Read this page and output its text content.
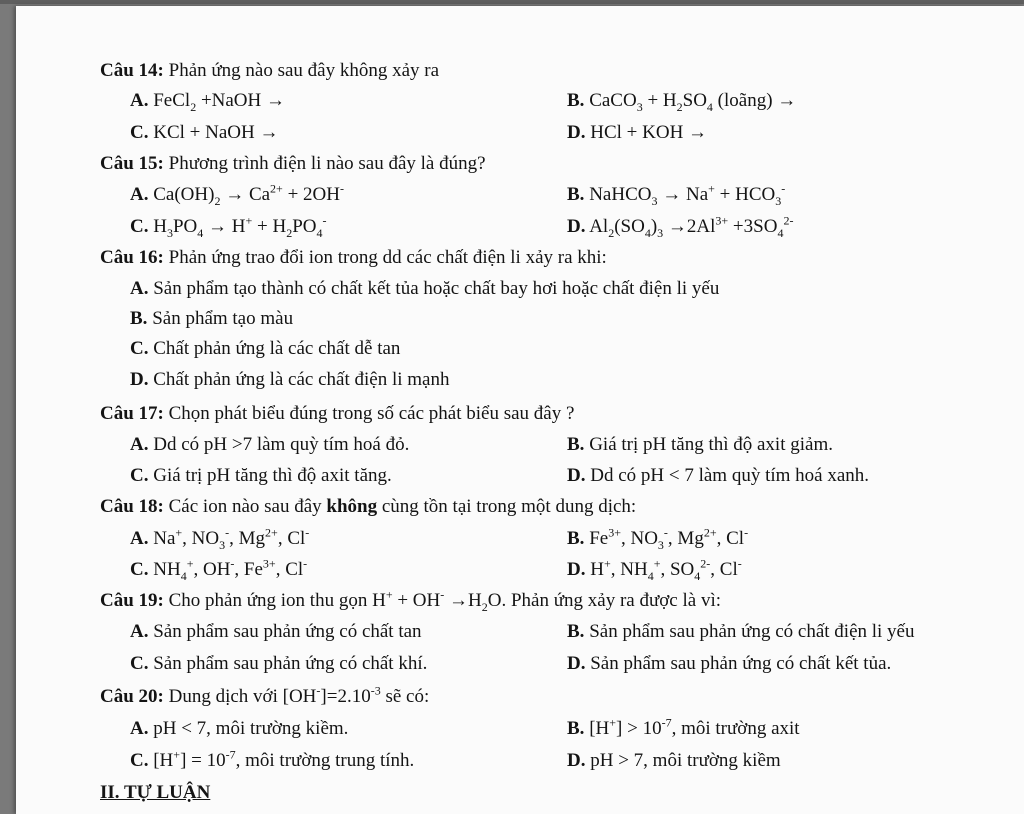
Câu 14: Phản ứng nào sau đây không xảy ra
A. FeCl$_2$ +NaOH →	B. CaCO$_3$ + $H_2SO_4$ (loãng) →
C. KCl + NaOH →	D. HCl + KOH →
Câu 15: Phương trình điện li nào sau đây là đúng?
A. $Ca(OH)_2 \to Ca^{2+} + 2OH^-$	B. NaHCO$_3$ → $Na^+ + HCO_3^-$
C. $H_3PO_4 \to H^+ + H_2PO_4^-$	D. $Al_2(SO_4)_3 \to 2Al^{3+} +3SO_4^{2-}$
Câu 16: Phản ứng trao đổi ion trong dd các chất điện li xảy ra khi:
A. Sản phẩm tạo thành có chất kết tủa hoặc chất bay hơi hoặc chất điện li yếu
B. Sản phẩm tạo màu
C. Chất phản ứng là các chất dễ tan
D. Chất phản ứng là các chất điện li mạnh
Câu 17: Chọn phát biểu đúng trong số các phát biểu sau đây ?
A. Dd có pH >7 làm quỳ tím hoá đỏ.	B. Giá trị pH tăng thì độ axit giảm.
C. Giá trị pH tăng thì độ axit tăng.	D. Dd có pH < 7 làm quỳ tím hoá xanh.
Câu 18: Các ion nào sau đây không cùng tồn tại trong một dung dịch:
A. Na+, $NO_3^-$, $Mg^{2+}$, Cl-	B. $Fe^{3+}$, $NO_3^-$, $Mg^{2+}$, Cl-
C. $NH_4^+$, OH-, $Fe^{3+}$, Cl-	D. H+, $NH_4^+$, $SO_4^{2-}$, Cl-
Câu 19: Cho phản ứng ion thu gọn $H^+ + OH^- \to H_2O$. Phản ứng xảy ra được là vì:
A. Sản phẩm sau phản ứng có chất tan	B. Sản phẩm sau phản ứng có chất điện li yếu
C. Sản phẩm sau phản ứng có chất khí.	D. Sản phẩm sau phản ứng có chất kết tủa.
Câu 20: Dung dịch với $[OH^-]=2.10^{-3}$ sẽ có:
A. pH < 7, môi trường kiềm.	B. $[H^+] > 10^{-7}$, môi trường axit
C. $[H^+] = 10^{-7}$, môi trường trung tính.	D. pH > 7, môi trường kiềm
II. TỰ LUẬN
